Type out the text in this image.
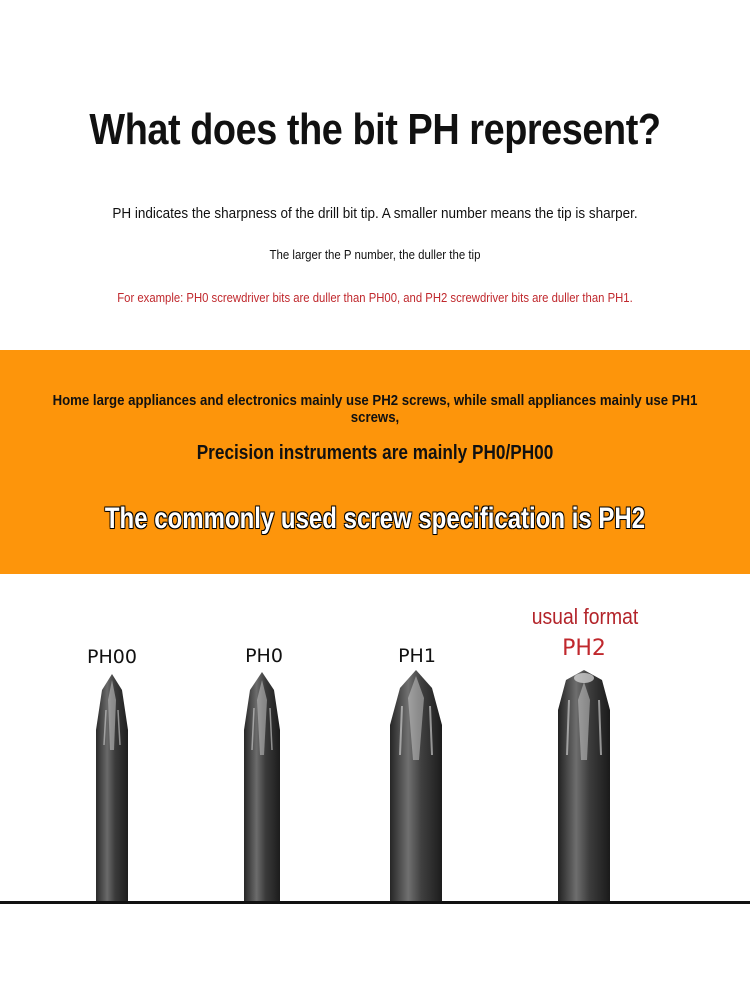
What does the bit PH represent?
PH indicates the sharpness of the drill bit tip. A smaller number means the tip is sharper.
The larger the P number, the duller the tip
For example: PH0 screwdriver bits are duller than PH00, and PH2 screwdriver bits are duller than PH1.
Home large appliances and electronics mainly use PH2 screws, while small appliances mainly use PH1 screws,
Precision instruments are mainly PH0/PH00
The commonly used screw specification is PH2
PH00	PH0	PH1
usual format
PH2
